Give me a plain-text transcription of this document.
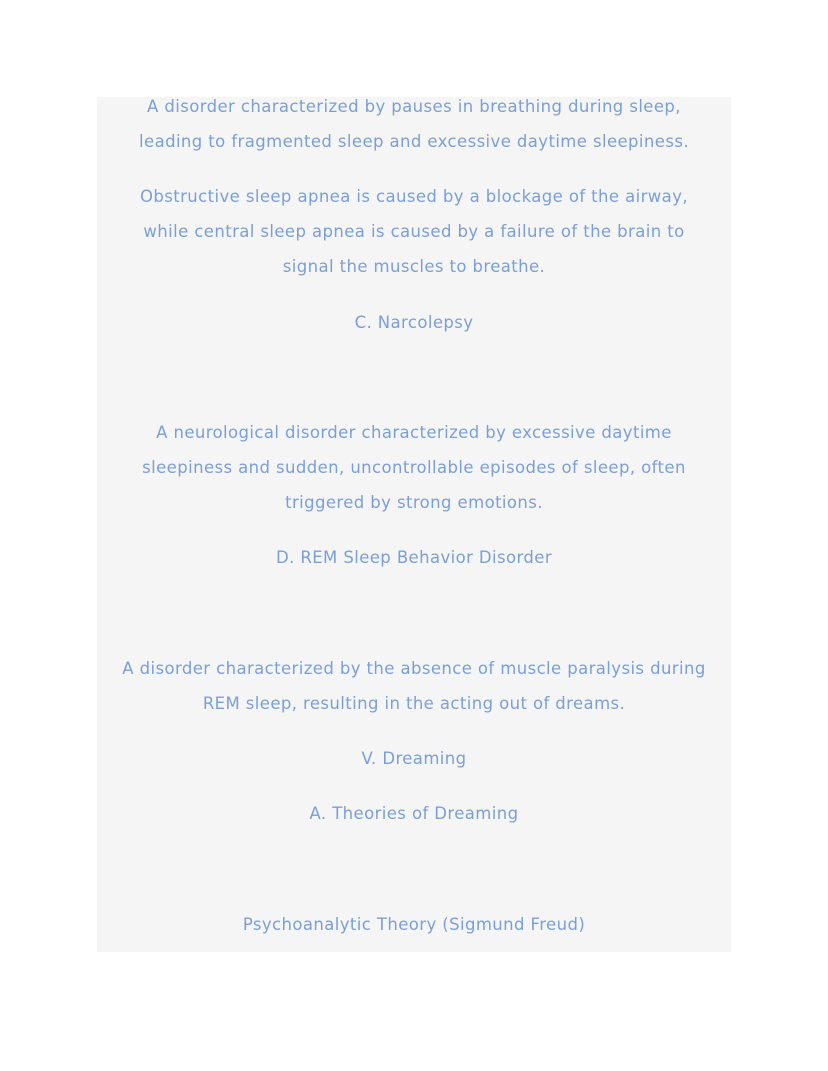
A disorder characterized by pauses in breathing during sleep,
leading to fragmented sleep and excessive daytime sleepiness.
Obstructive sleep apnea is caused by a blockage of the airway,
while central sleep apnea is caused by a failure of the brain to
signal the muscles to breathe.
C. Narcolepsy
A neurological disorder characterized by excessive daytime
sleepiness and sudden, uncontrollable episodes of sleep, often
triggered by strong emotions.
D. REM Sleep Behavior Disorder
A disorder characterized by the absence of muscle paralysis during
REM sleep, resulting in the acting out of dreams.
V. Dreaming
A. Theories of Dreaming
Psychoanalytic Theory (Sigmund Freud)
